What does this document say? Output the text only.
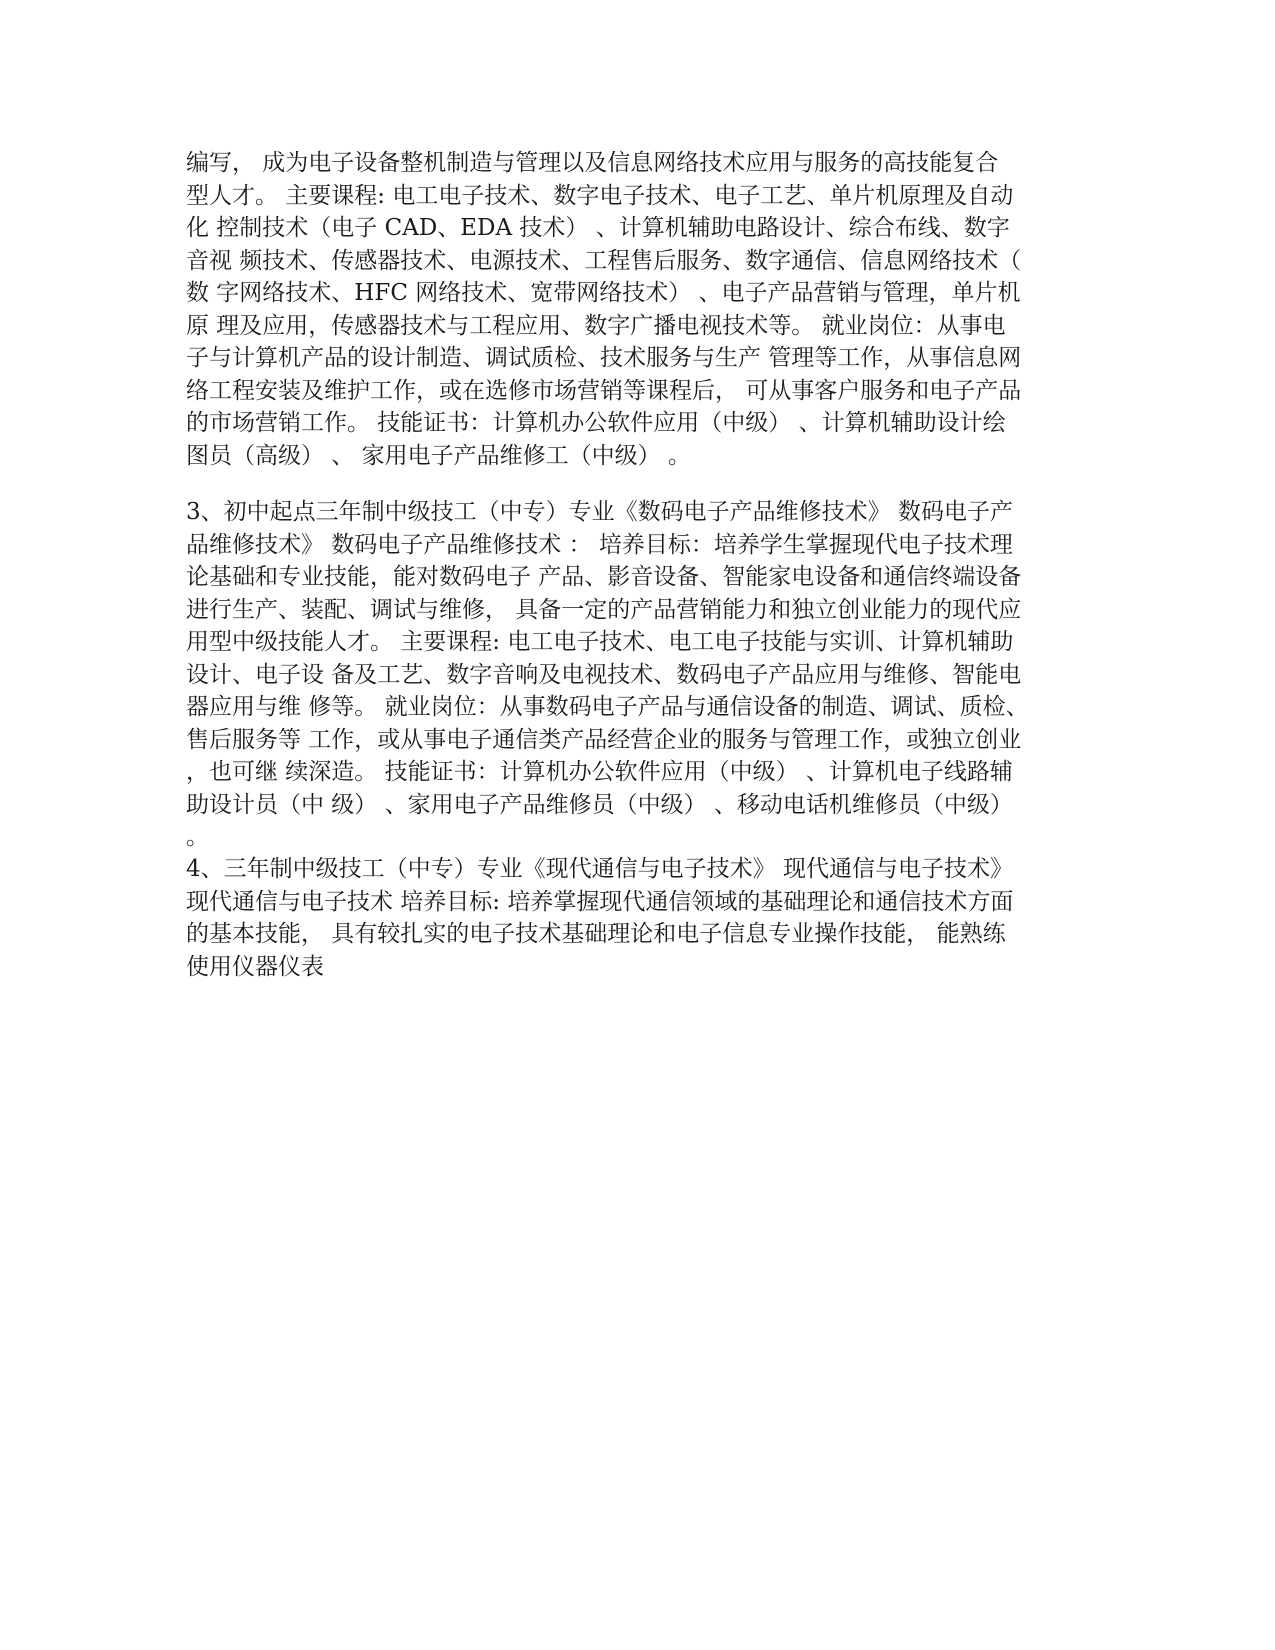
编写， 成为电子设备整机制造与管理以及信息网络技术应用与服务的高技能复合
型人才。 主要课程: 电工电子技术、数字电子技术、电子工艺、单片机原理及自动
化 控制技术（电子 CAD、EDA 技术） 、计算机辅助电路设计、综合布线、数字
音视 频技术、传感器技术、电源技术、工程售后服务、数字通信、信息网络技术（
数 字网络技术、HFC 网络技术、宽带网络技术） 、电子产品营销与管理，单片机
原 理及应用，传感器技术与工程应用、数字广播电视技术等。 就业岗位：从事电
子与计算机产品的设计制造、调试质检、技术服务与生产 管理等工作，从事信息网
络工程安装及维护工作，或在选修市场营销等课程后， 可从事客户服务和电子产品
的市场营销工作。 技能证书：计算机办公软件应用（中级） 、计算机辅助设计绘
图员（高级） 、 家用电子产品维修工（中级） 。
3、初中起点三年制中级技工（中专）专业《数码电子产品维修技术》 数码电子产
品维修技术》 数码电子产品维修技术 ： 培养目标：培养学生掌握现代电子技术理
论基础和专业技能，能对数码电子 产品、影音设备、智能家电设备和通信终端设备
进行生产、装配、调试与维修， 具备一定的产品营销能力和独立创业能力的现代应
用型中级技能人才。 主要课程: 电工电子技术、电工电子技能与实训、计算机辅助
设计、电子设 备及工艺、数字音响及电视技术、数码电子产品应用与维修、智能电
器应用与维 修等。 就业岗位：从事数码电子产品与通信设备的制造、调试、质检、
售后服务等 工作，或从事电子通信类产品经营企业的服务与管理工作，或独立创业
，也可继 续深造。 技能证书：计算机办公软件应用（中级） 、计算机电子线路辅
助设计员（中 级） 、家用电子产品维修员（中级） 、移动电话机维修员（中级）
。
4、三年制中级技工（中专）专业《现代通信与电子技术》 现代通信与电子技术》
现代通信与电子技术 培养目标: 培养掌握现代通信领域的基础理论和通信技术方面
的基本技能， 具有较扎实的电子技术基础理论和电子信息专业操作技能， 能熟练
使用仪器仪表
